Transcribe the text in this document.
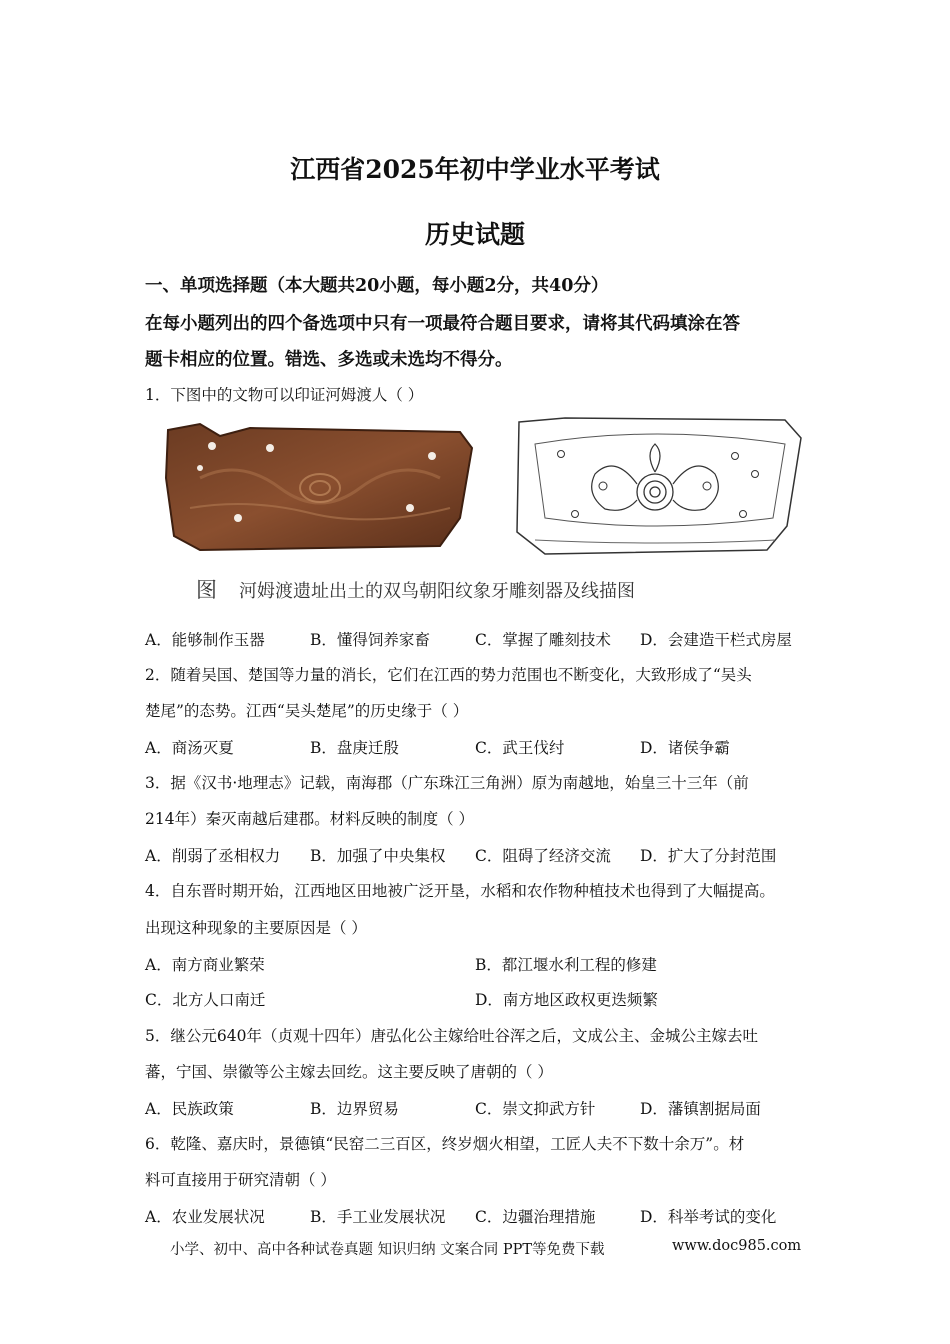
江西省2025年初中学业水平考试
历史试题
一、单项选择题（本大题共20小题，每小题2分，共40分）
在每小题列出的四个备选项中只有一项最符合题目要求，请将其代码填涂在答
题卡相应的位置。错选、多选或未选均不得分。
1．下图中的文物可以印证河姆渡人（ ）
图 河姆渡遗址出土的双鸟朝阳纹象牙雕刻器及线描图
A．能够制作玉器	B．懂得饲养家畜	C．掌握了雕刻技术 D．会建造干栏式房屋
2．随着吴国、楚国等力量的消长，它们在江西的势力范围也不断变化，大致形成了“吴头
楚尾”的态势。江西“吴头楚尾”的历史缘于（ ）
A．商汤灭夏	B．盘庚迁殷	C．武王伐纣	D．诸侯争霸
3．据《汉书·地理志》记载，南海郡（广东珠江三角洲）原为南越地，始皇三十三年（前
214年）秦灭南越后建郡。材料反映的制度（ ）
A．削弱了丞相权力 B．加强了中央集权 C．阻碍了经济交流 D．扩大了分封范围
4．自东晋时期开始，江西地区田地被广泛开垦，水稻和农作物种植技术也得到了大幅提高。
出现这种现象的主要原因是（ ）
A．南方商业繁荣	B．都江堰水利工程的修建
C．北方人口南迁	D．南方地区政权更迭频繁
5．继公元640年（贞观十四年）唐弘化公主嫁给吐谷浑之后，文成公主、金城公主嫁去吐
蕃，宁国、崇徽等公主嫁去回纥。这主要反映了唐朝的（ ）
A．民族政策	B．边界贸易	C．崇文抑武方针	D．藩镇割据局面
6．乾隆、嘉庆时，景德镇“民窑二三百区，终岁烟火相望，工匠人夫不下数十余万”。材
料可直接用于研究清朝（ ）
A．农业发展状况	B．手工业发展状况 C．边疆治理措施	D．科举考试的变化
小学、初中、高中各种试卷真题 知识归纳 文案合同 PPT等免费下载	www.doc985.com
